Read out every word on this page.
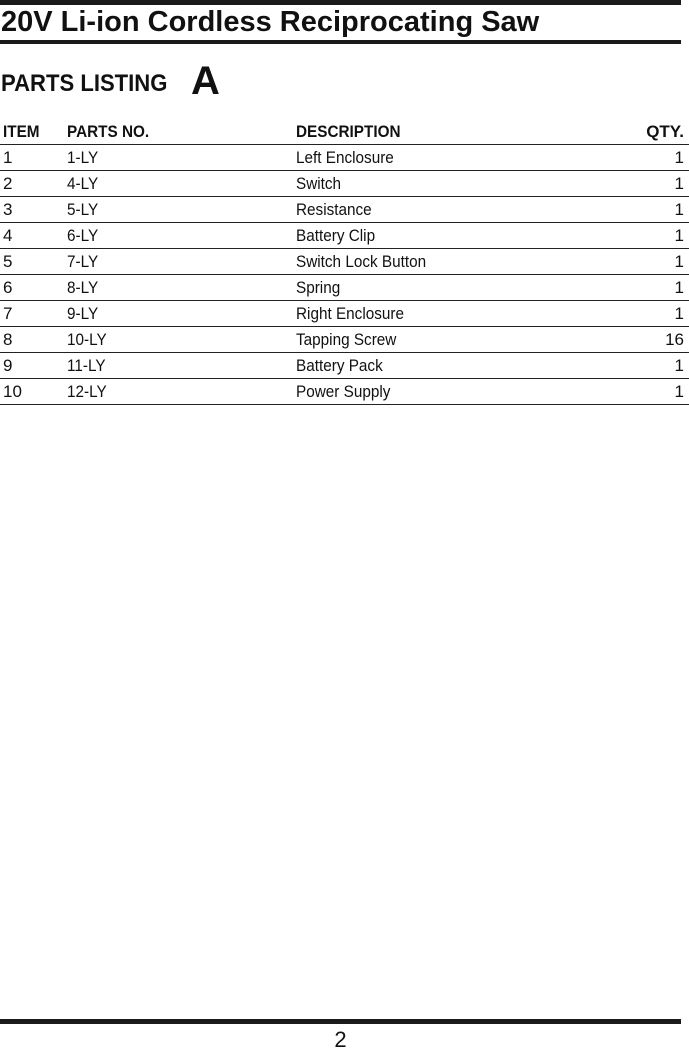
20V Li-ion Cordless Reciprocating Saw
PARTS LISTING A
ITEM	PARTS NO.	DESCRIPTION	QTY.
1	1-LY	Left Enclosure	1
2	4-LY	Switch	1
3	5-LY	Resistance	1
4	6-LY	Battery Clip	1
5	7-LY	Switch Lock Button	1
6	8-LY	Spring	1
7	9-LY	Right Enclosure	1
8	10-LY	Tapping Screw	16
9	11-LY	Battery Pack	1
10	12-LY	Power Supply	1
2
